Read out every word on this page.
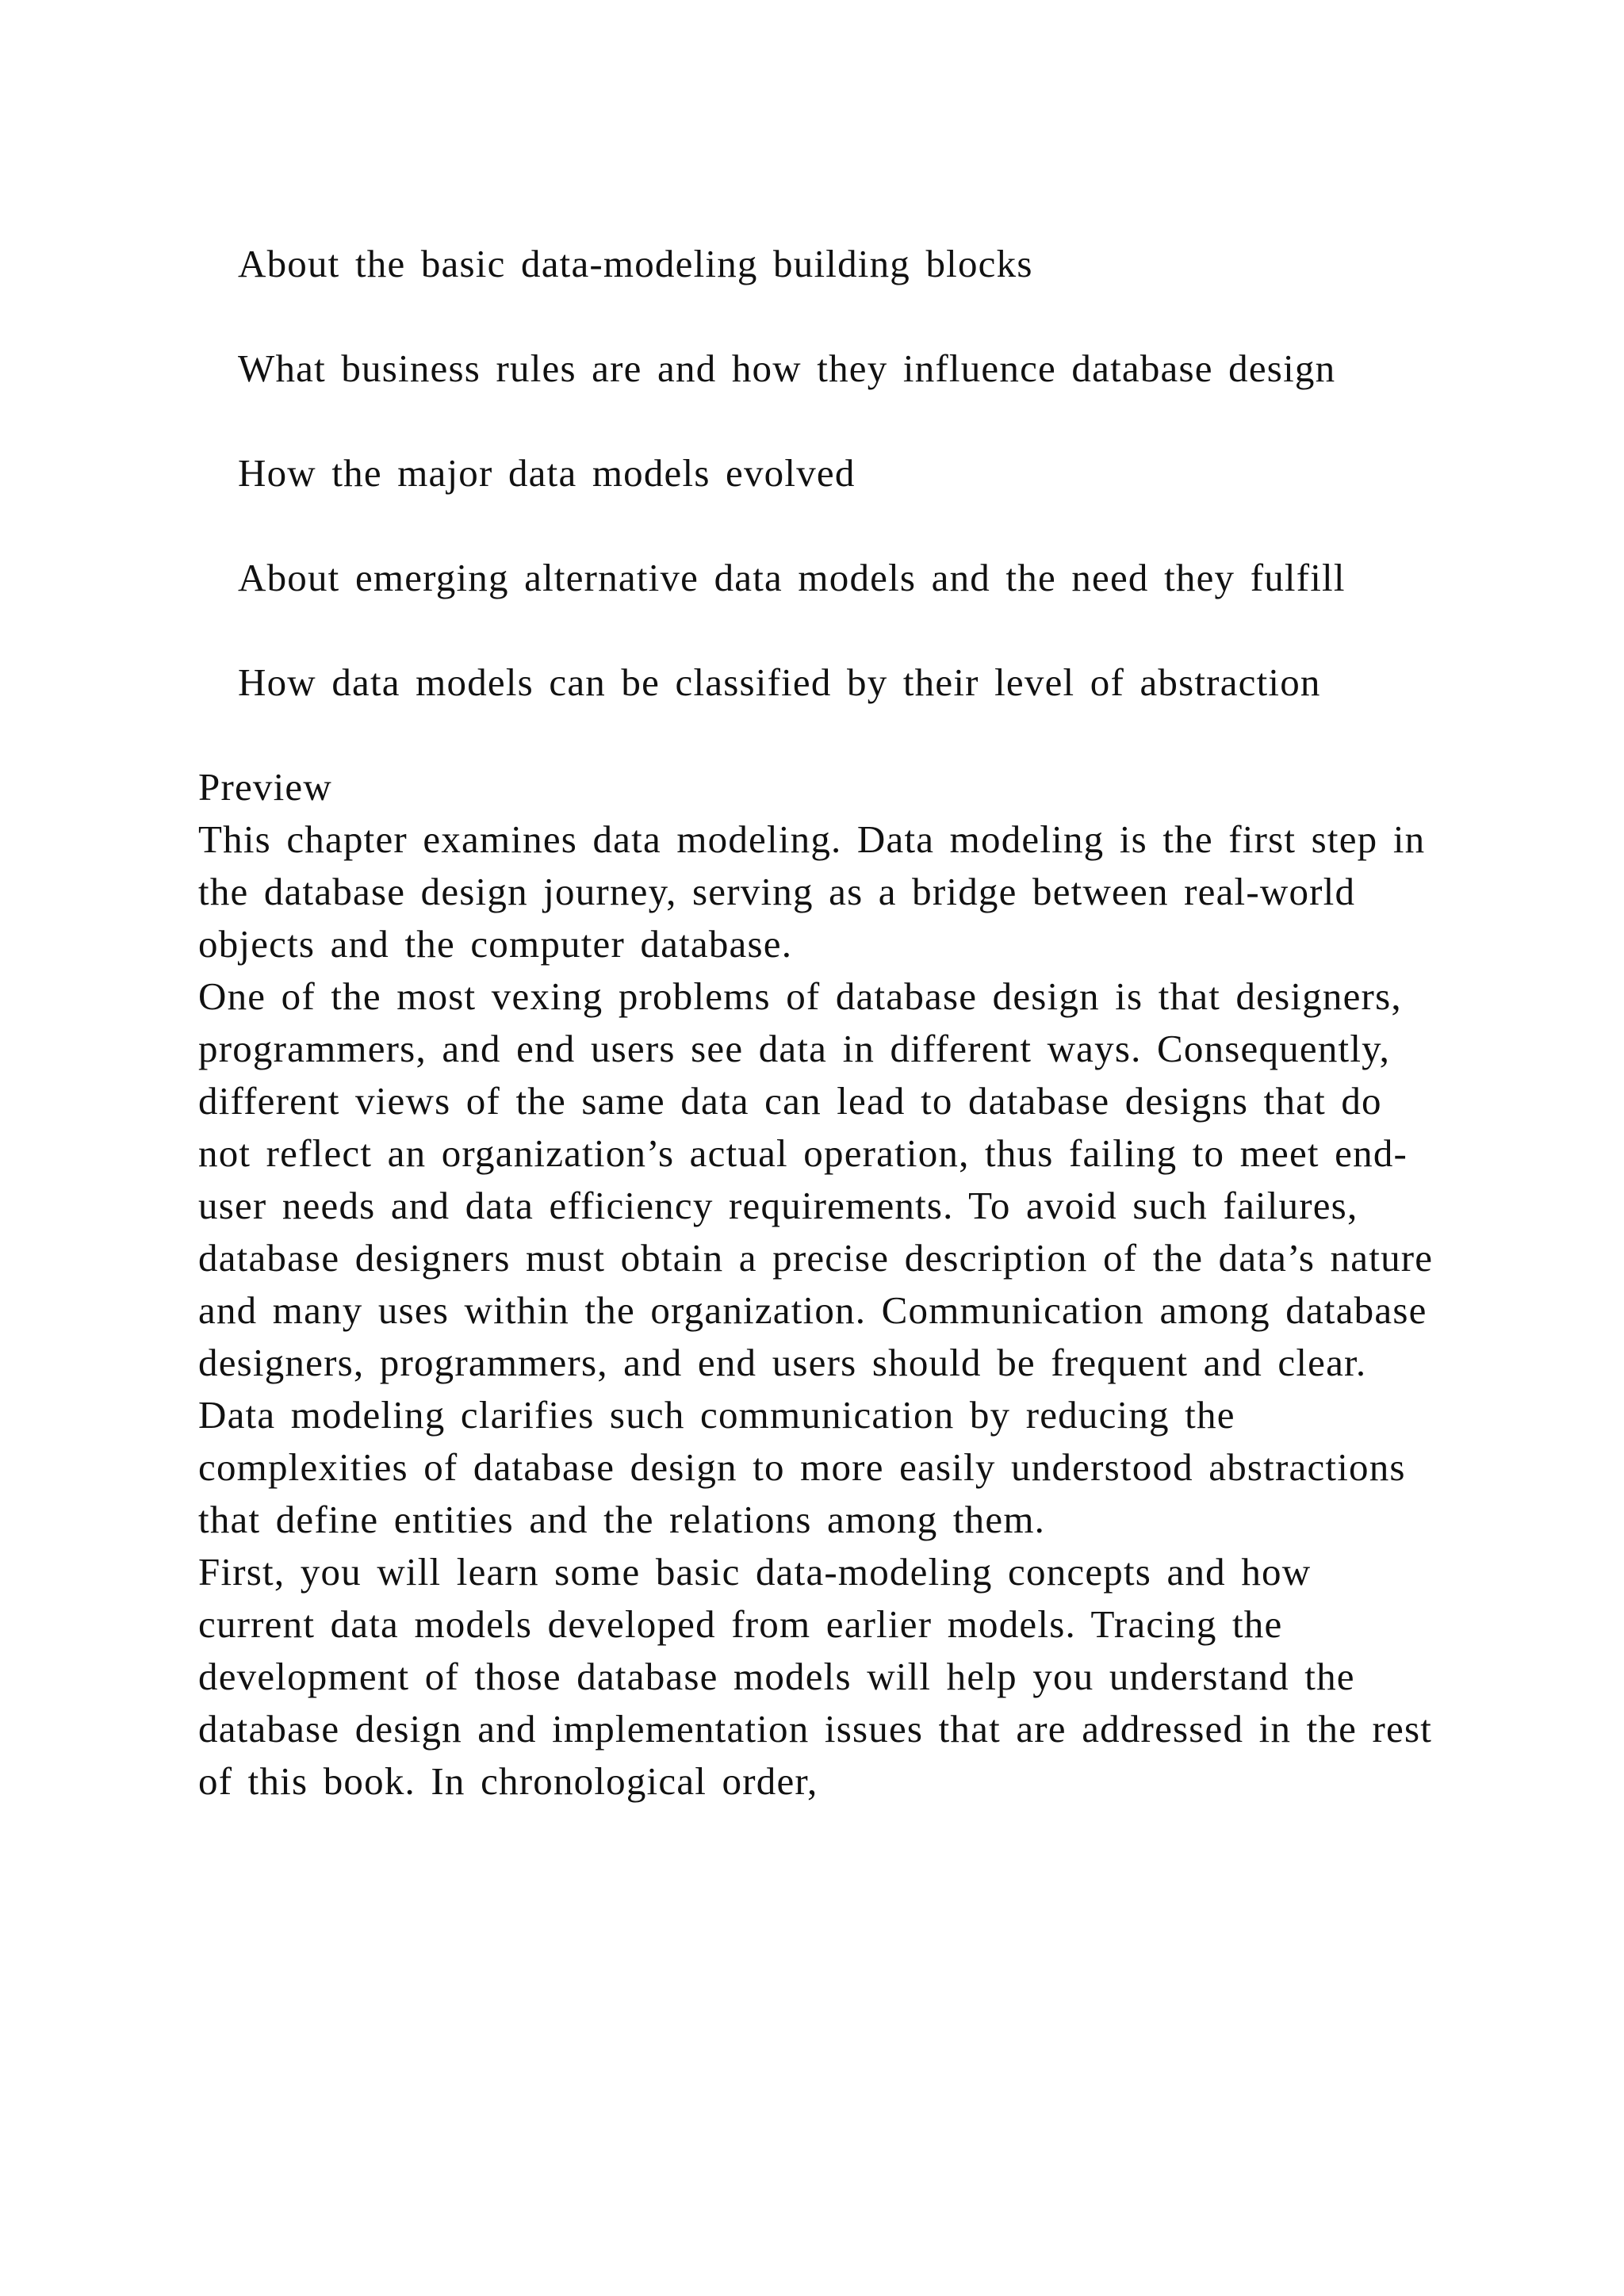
About the basic data-modeling building blocks

What business rules are and how they influence database design

How the major data models evolved

About emerging alternative data models and the need they fulfill

How data models can be classified by their level of abstraction

Preview

This chapter examines data modeling. Data modeling is the first step in the database design journey, serving as a bridge between real-world objects and the computer database.

One of the most vexing problems of database design is that designers, programmers, and end users see data in different ways. Consequently, different views of the same data can lead to database designs that do not reflect an organization’s actual operation, thus failing to meet end-user needs and data efficiency requirements. To avoid such failures, database designers must obtain a precise description of the data’s nature and many uses within the organization. Communication among database designers, programmers, and end users should be frequent and clear. Data modeling clarifies such communication by reducing the complexities of database design to more easily understood abstractions that define entities and the relations among them.

First, you will learn some basic data-modeling concepts and how current data models developed from earlier models. Tracing the development of those database models will help you understand the database design and implementation issues that are addressed in the rest of this book. In chronological order,
